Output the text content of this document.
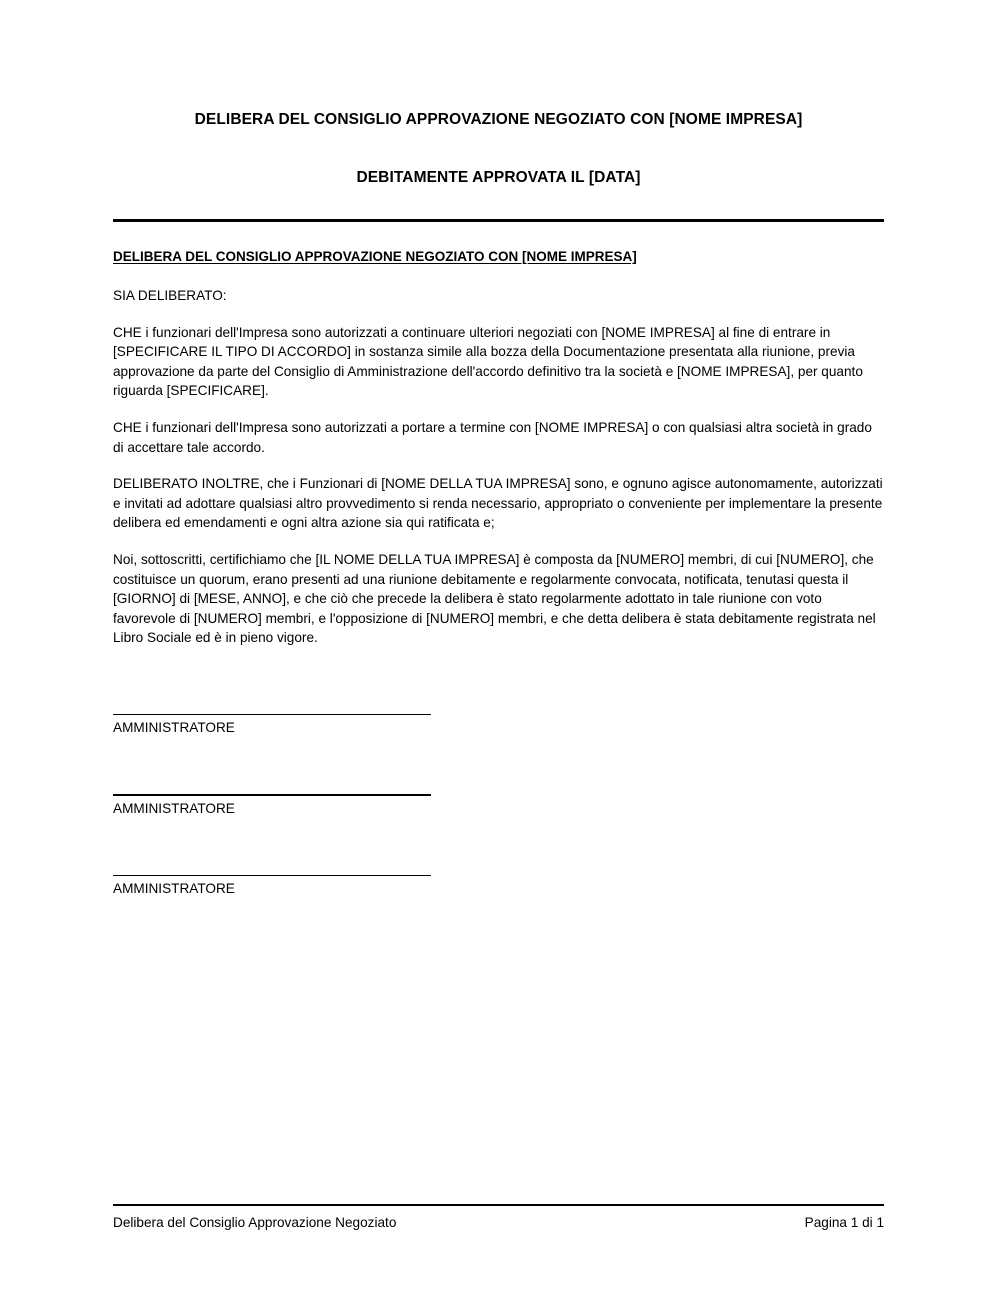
DELIBERA DEL CONSIGLIO APPROVAZIONE NEGOZIATO CON [NOME IMPRESA]
DEBITAMENTE APPROVATA IL [DATA]

DELIBERA DEL CONSIGLIO APPROVAZIONE NEGOZIATO CON [NOME IMPRESA]

SIA DELIBERATO:

CHE i funzionari dell'Impresa sono autorizzati a continuare ulteriori negoziati con [NOME IMPRESA] al fine di entrare in [SPECIFICARE IL TIPO DI ACCORDO] in sostanza simile alla bozza della Documentazione presentata alla riunione, previa approvazione da parte del Consiglio di Amministrazione dell'accordo definitivo tra la società e [NOME IMPRESA], per quanto riguarda [SPECIFICARE].

CHE i funzionari dell'Impresa sono autorizzati a portare a termine con [NOME IMPRESA] o con qualsiasi altra società in grado di accettare tale accordo.

DELIBERATO INOLTRE, che i Funzionari di [NOME DELLA TUA IMPRESA] sono, e ognuno agisce autonomamente, autorizzati e invitati ad adottare qualsiasi altro provvedimento si renda necessario, appropriato o conveniente per implementare la presente delibera ed emendamenti e ogni altra azione sia qui ratificata e;

Noi, sottoscritti, certifichiamo che [IL NOME DELLA TUA IMPRESA] è composta da [NUMERO] membri, di cui [NUMERO], che costituisce un quorum, erano presenti ad una riunione debitamente e regolarmente convocata, notificata, tenutasi questa il [GIORNO] di [MESE, ANNO], e che ciò che precede la delibera è stato regolarmente adottato in tale riunione con voto favorevole di [NUMERO] membri, e l'opposizione di [NUMERO] membri, e che detta delibera è stata debitamente registrata nel Libro Sociale ed è in pieno vigore.

AMMINISTRATORE
AMMINISTRATORE
AMMINISTRATORE
Delibera del Consiglio Approvazione Negoziato	Pagina 1 di 1
